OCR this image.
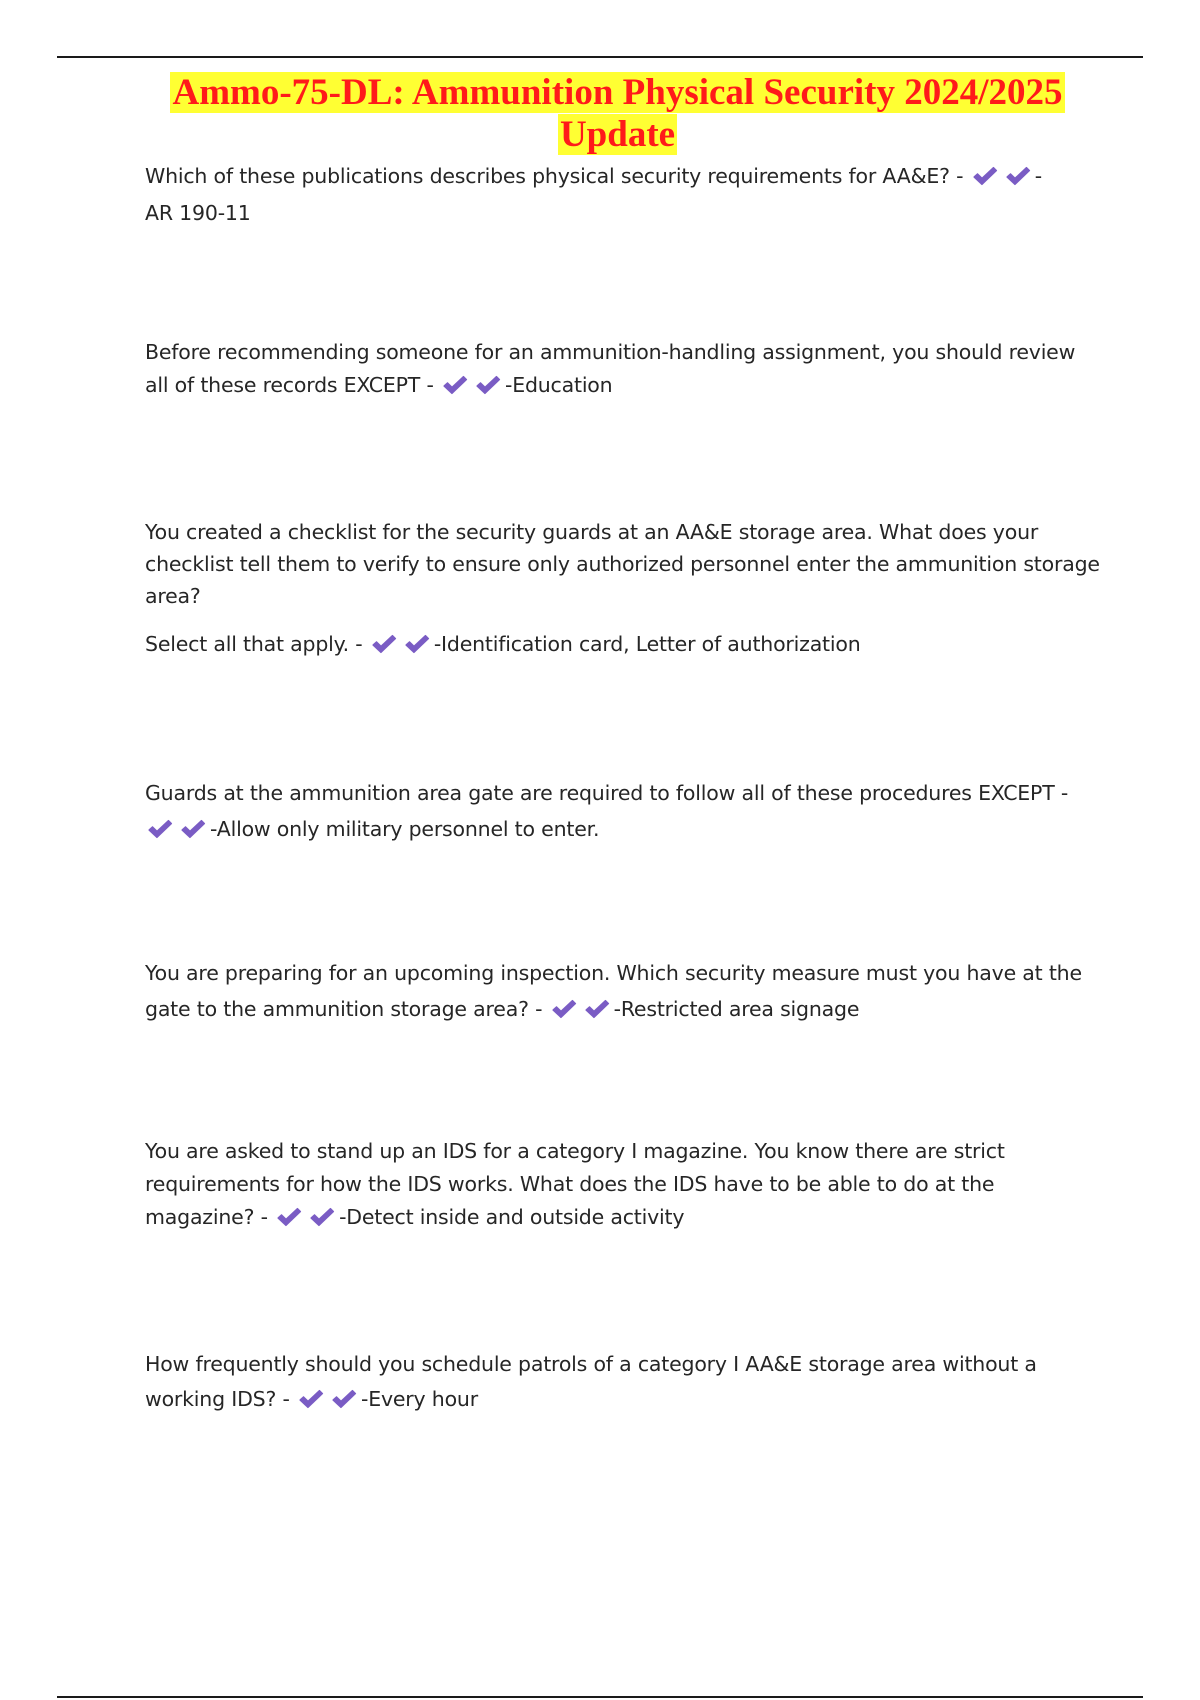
Ammo-75-DL: Ammunition Physical Security 2024/2025 Update

Which of these publications describes physical security requirements for AA&E? -	-
AR 190-11

Before recommending someone for an ammunition-handling assignment, you should review all of these records EXCEPT -	-Education

You created a checklist for the security guards at an AA&E storage area. What does your checklist tell them to verify to ensure only authorized personnel enter the ammunition storage area?

Select all that apply. -	-Identification card, Letter of authorization

Guards at the ammunition area gate are required to follow all of these procedures EXCEPT -

-Allow only military personnel to enter.

You are preparing for an upcoming inspection. Which security measure must you have at the gate to the ammunition storage area? -	-Restricted area signage

You are asked to stand up an IDS for a category I magazine. You know there are strict requirements for how the IDS works. What does the IDS have to be able to do at the magazine? -	-Detect inside and outside activity

How frequently should you schedule patrols of a category I AA&E storage area without a working IDS? -	-Every hour
